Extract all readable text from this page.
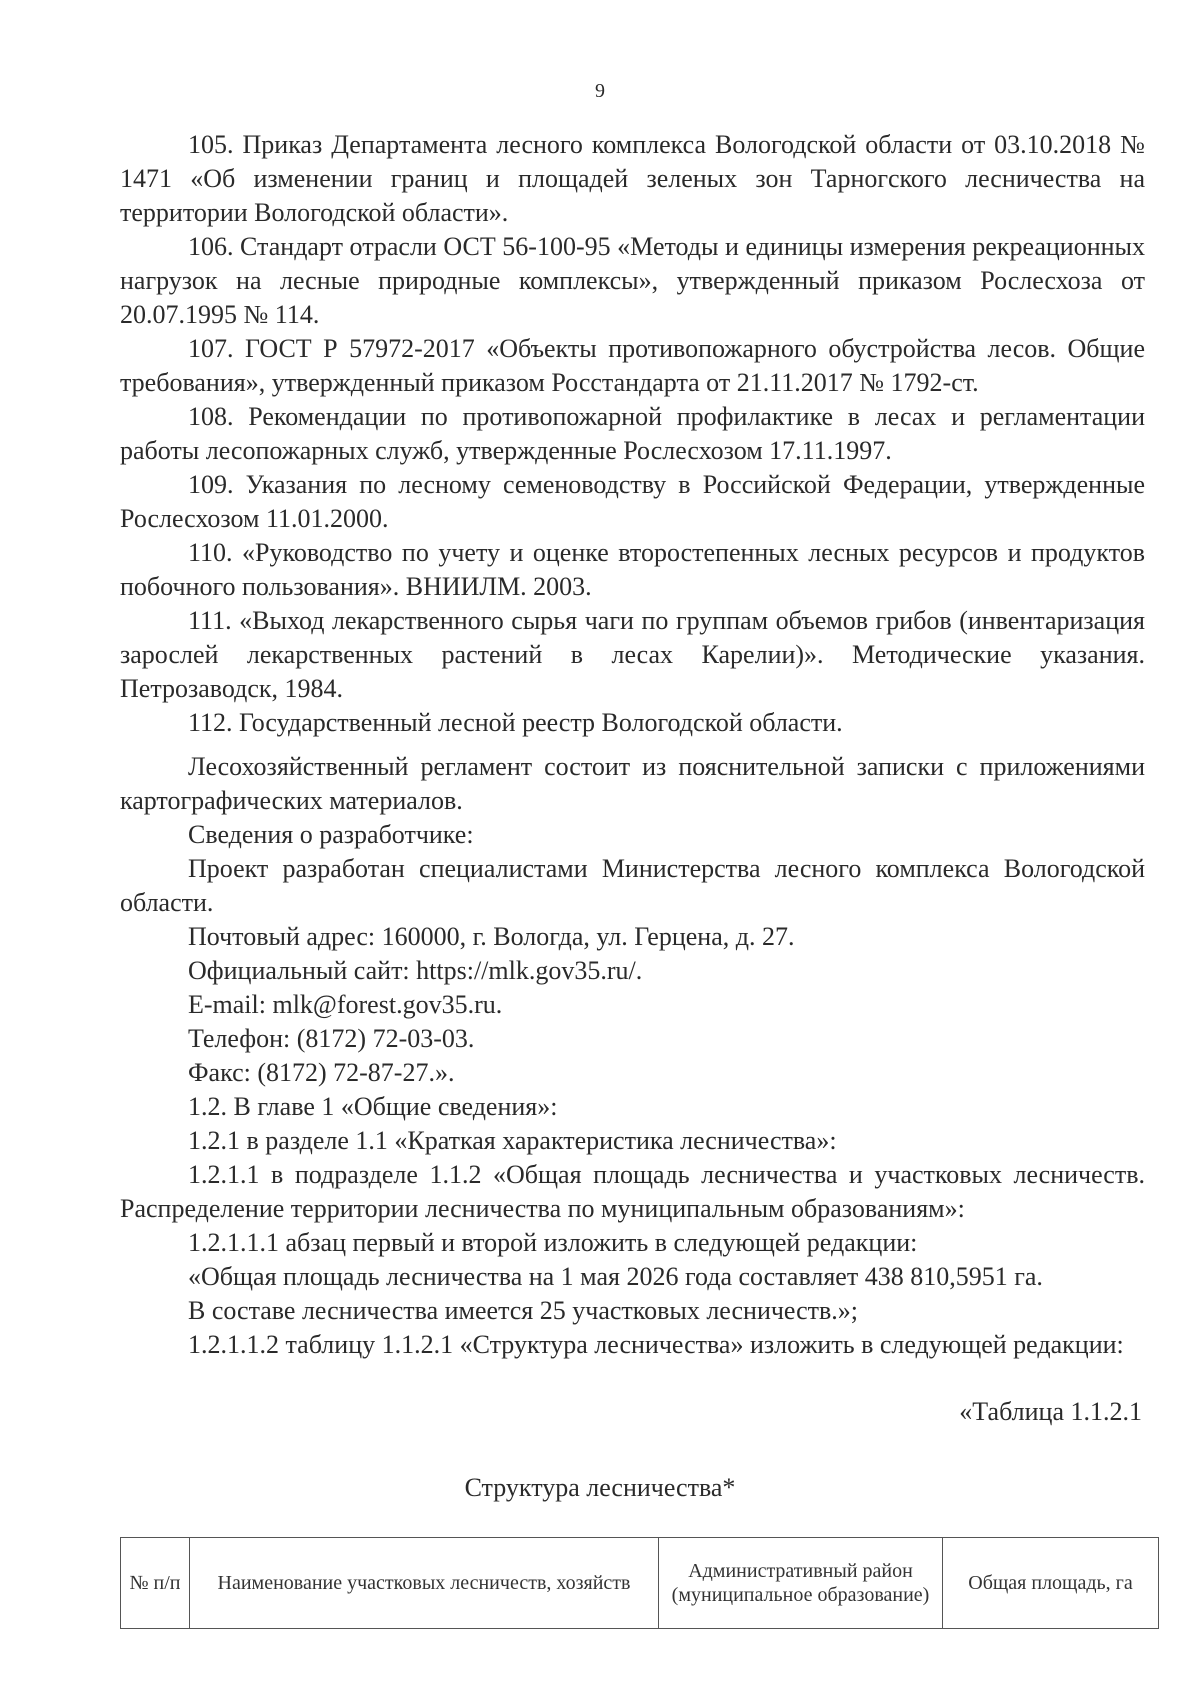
9

105. Приказ Департамента лесного комплекса Вологодской области от 03.10.2018 № 1471 «Об изменении границ и площадей зеленых зон Тарногского лесничества на территории Вологодской области».

106. Стандарт отрасли ОСТ 56-100-95 «Методы и единицы измерения рекреационных нагрузок на лесные природные комплексы», утвержденный приказом Рослесхоза от 20.07.1995 № 114.

107. ГОСТ Р 57972-2017 «Объекты противопожарного обустройства лесов. Общие требования», утвержденный приказом Росстандарта от 21.11.2017 № 1792-ст.

108. Рекомендации по противопожарной профилактике в лесах и регламентации работы лесопожарных служб, утвержденные Рослесхозом 17.11.1997.

109. Указания по лесному семеноводству в Российской Федерации, утвержденные Рослесхозом 11.01.2000.

110. «Руководство по учету и оценке второстепенных лесных ресурсов и продуктов побочного пользования». ВНИИЛМ. 2003.

111. «Выход лекарственного сырья чаги по группам объемов грибов (инвентаризация зарослей лекарственных растений в лесах Карелии)». Методические указания. Петрозаводск, 1984.

112. Государственный лесной реестр Вологодской области.

Лесохозяйственный регламент состоит из пояснительной записки с приложениями картографических материалов.

Сведения о разработчике:

Проект разработан специалистами Министерства лесного комплекса Вологодской области.

Почтовый адрес: 160000, г. Вологда, ул. Герцена, д. 27.

Официальный сайт: https://mlk.gov35.ru/.

E-mail: mlk@forest.gov35.ru.

Телефон: (8172) 72-03-03.

Факс: (8172) 72-87-27.».

1.2. В главе 1 «Общие сведения»:

1.2.1 в разделе 1.1 «Краткая характеристика лесничества»:

1.2.1.1 в подразделе 1.1.2 «Общая площадь лесничества и участковых лесничеств. Распределение территории лесничества по муниципальным образованиям»:

1.2.1.1.1 абзац первый и второй изложить в следующей редакции:

«Общая площадь лесничества на 1 мая 2026 года составляет 438 810,5951 га.

В составе лесничества имеется 25 участковых лесничеств.»;

1.2.1.1.2 таблицу 1.1.2.1 «Структура лесничества» изложить в следующей редакции:

«Таблица 1.1.2.1
Структура лесничества*
№ п/п	Наименование участковых лесничеств, хозяйств	Административный район (муниципальное образование)	Общая площадь, га
